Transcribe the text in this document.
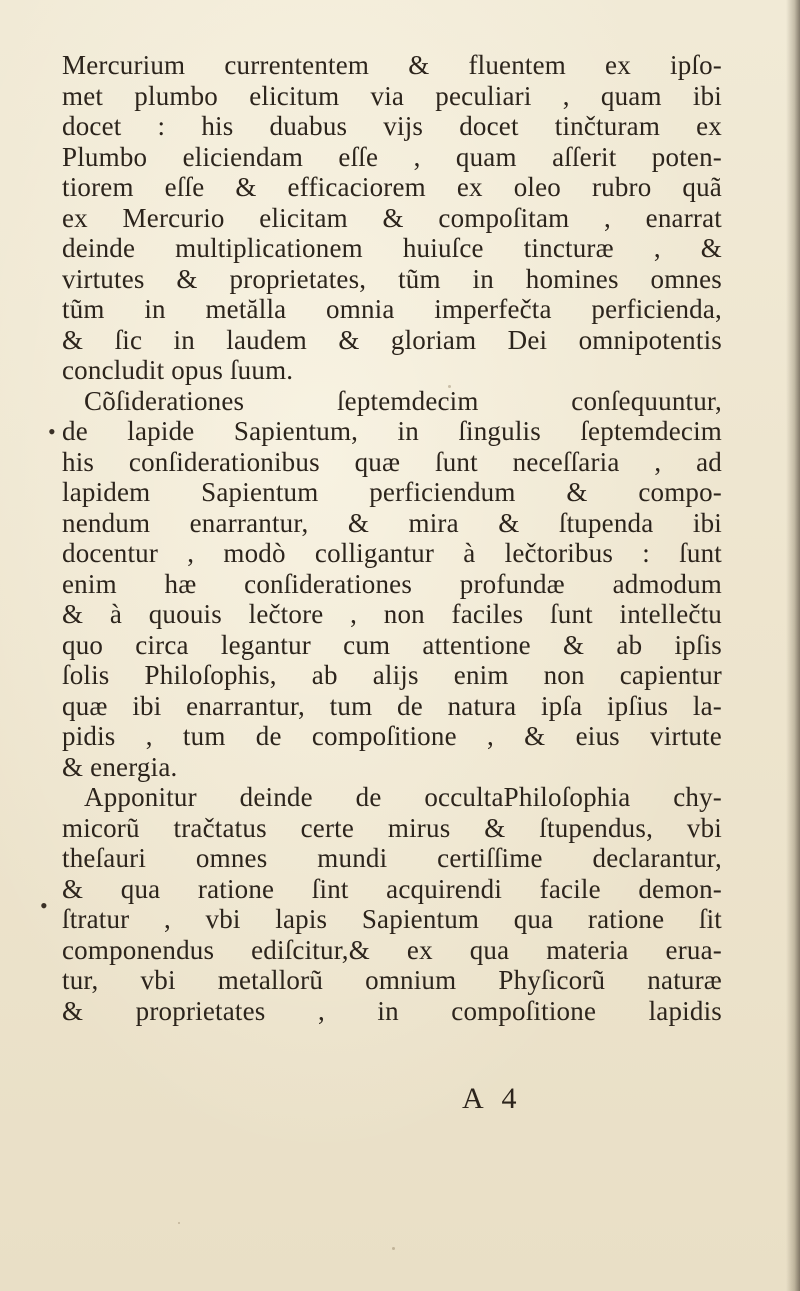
•
•
Mercurium currententem & fluentem ex ipſo-
met plumbo elicitum via peculiari , quam ibi
docet : his duabus vijs docet tinčturam ex
Plumbo eliciendam eſſe , quam aſſerit poten-
tiorem eſſe & efficaciorem ex oleo rubro quã
ex Mercurio elicitam & compoſitam , enarrat
deinde multiplicationem huiuſce tincturæ , &
virtutes & proprietates, tũm in homines omnes
tũm in metălla omnia imperfečta perficienda,
& ſic in laudem & gloriam Dei omnipotentis
concludit opus ſuum.
Cõſiderationes ſeptemdecim conſequuntur,
de lapide Sapientum, in ſingulis ſeptemdecim
his conſiderationibus quæ ſunt neceſſaria , ad
lapidem Sapientum perficiendum & compo-
nendum enarrantur, & mira & ſtupenda ibi
docentur , modò colligantur à lečtoribus : ſunt
enim hæ conſiderationes profundæ admodum
& à quouis lečtore , non faciles ſunt intellečtu
quo circa legantur cum attentione & ab ipſis
ſolis Philoſophis, ab alijs enim non capientur
quæ ibi enarrantur, tum de natura ipſa ipſius la-
pidis , tum de compoſitione , & eius virtute
& energia.
Apponitur deinde de occultaPhiloſophia chy-
micorũ tračtatus certe mirus & ſtupendus, vbi
theſauri omnes mundi certiſſime declarantur,
& qua ratione ſint acquirendi facile demon-
ſtratur , vbi lapis Sapientum qua ratione ſit
componendus ediſcitur,& ex qua materia erua-
tur, vbi metallorũ omnium Phyſicorũ naturæ
& proprietates , in compoſitione lapidis
A 4
